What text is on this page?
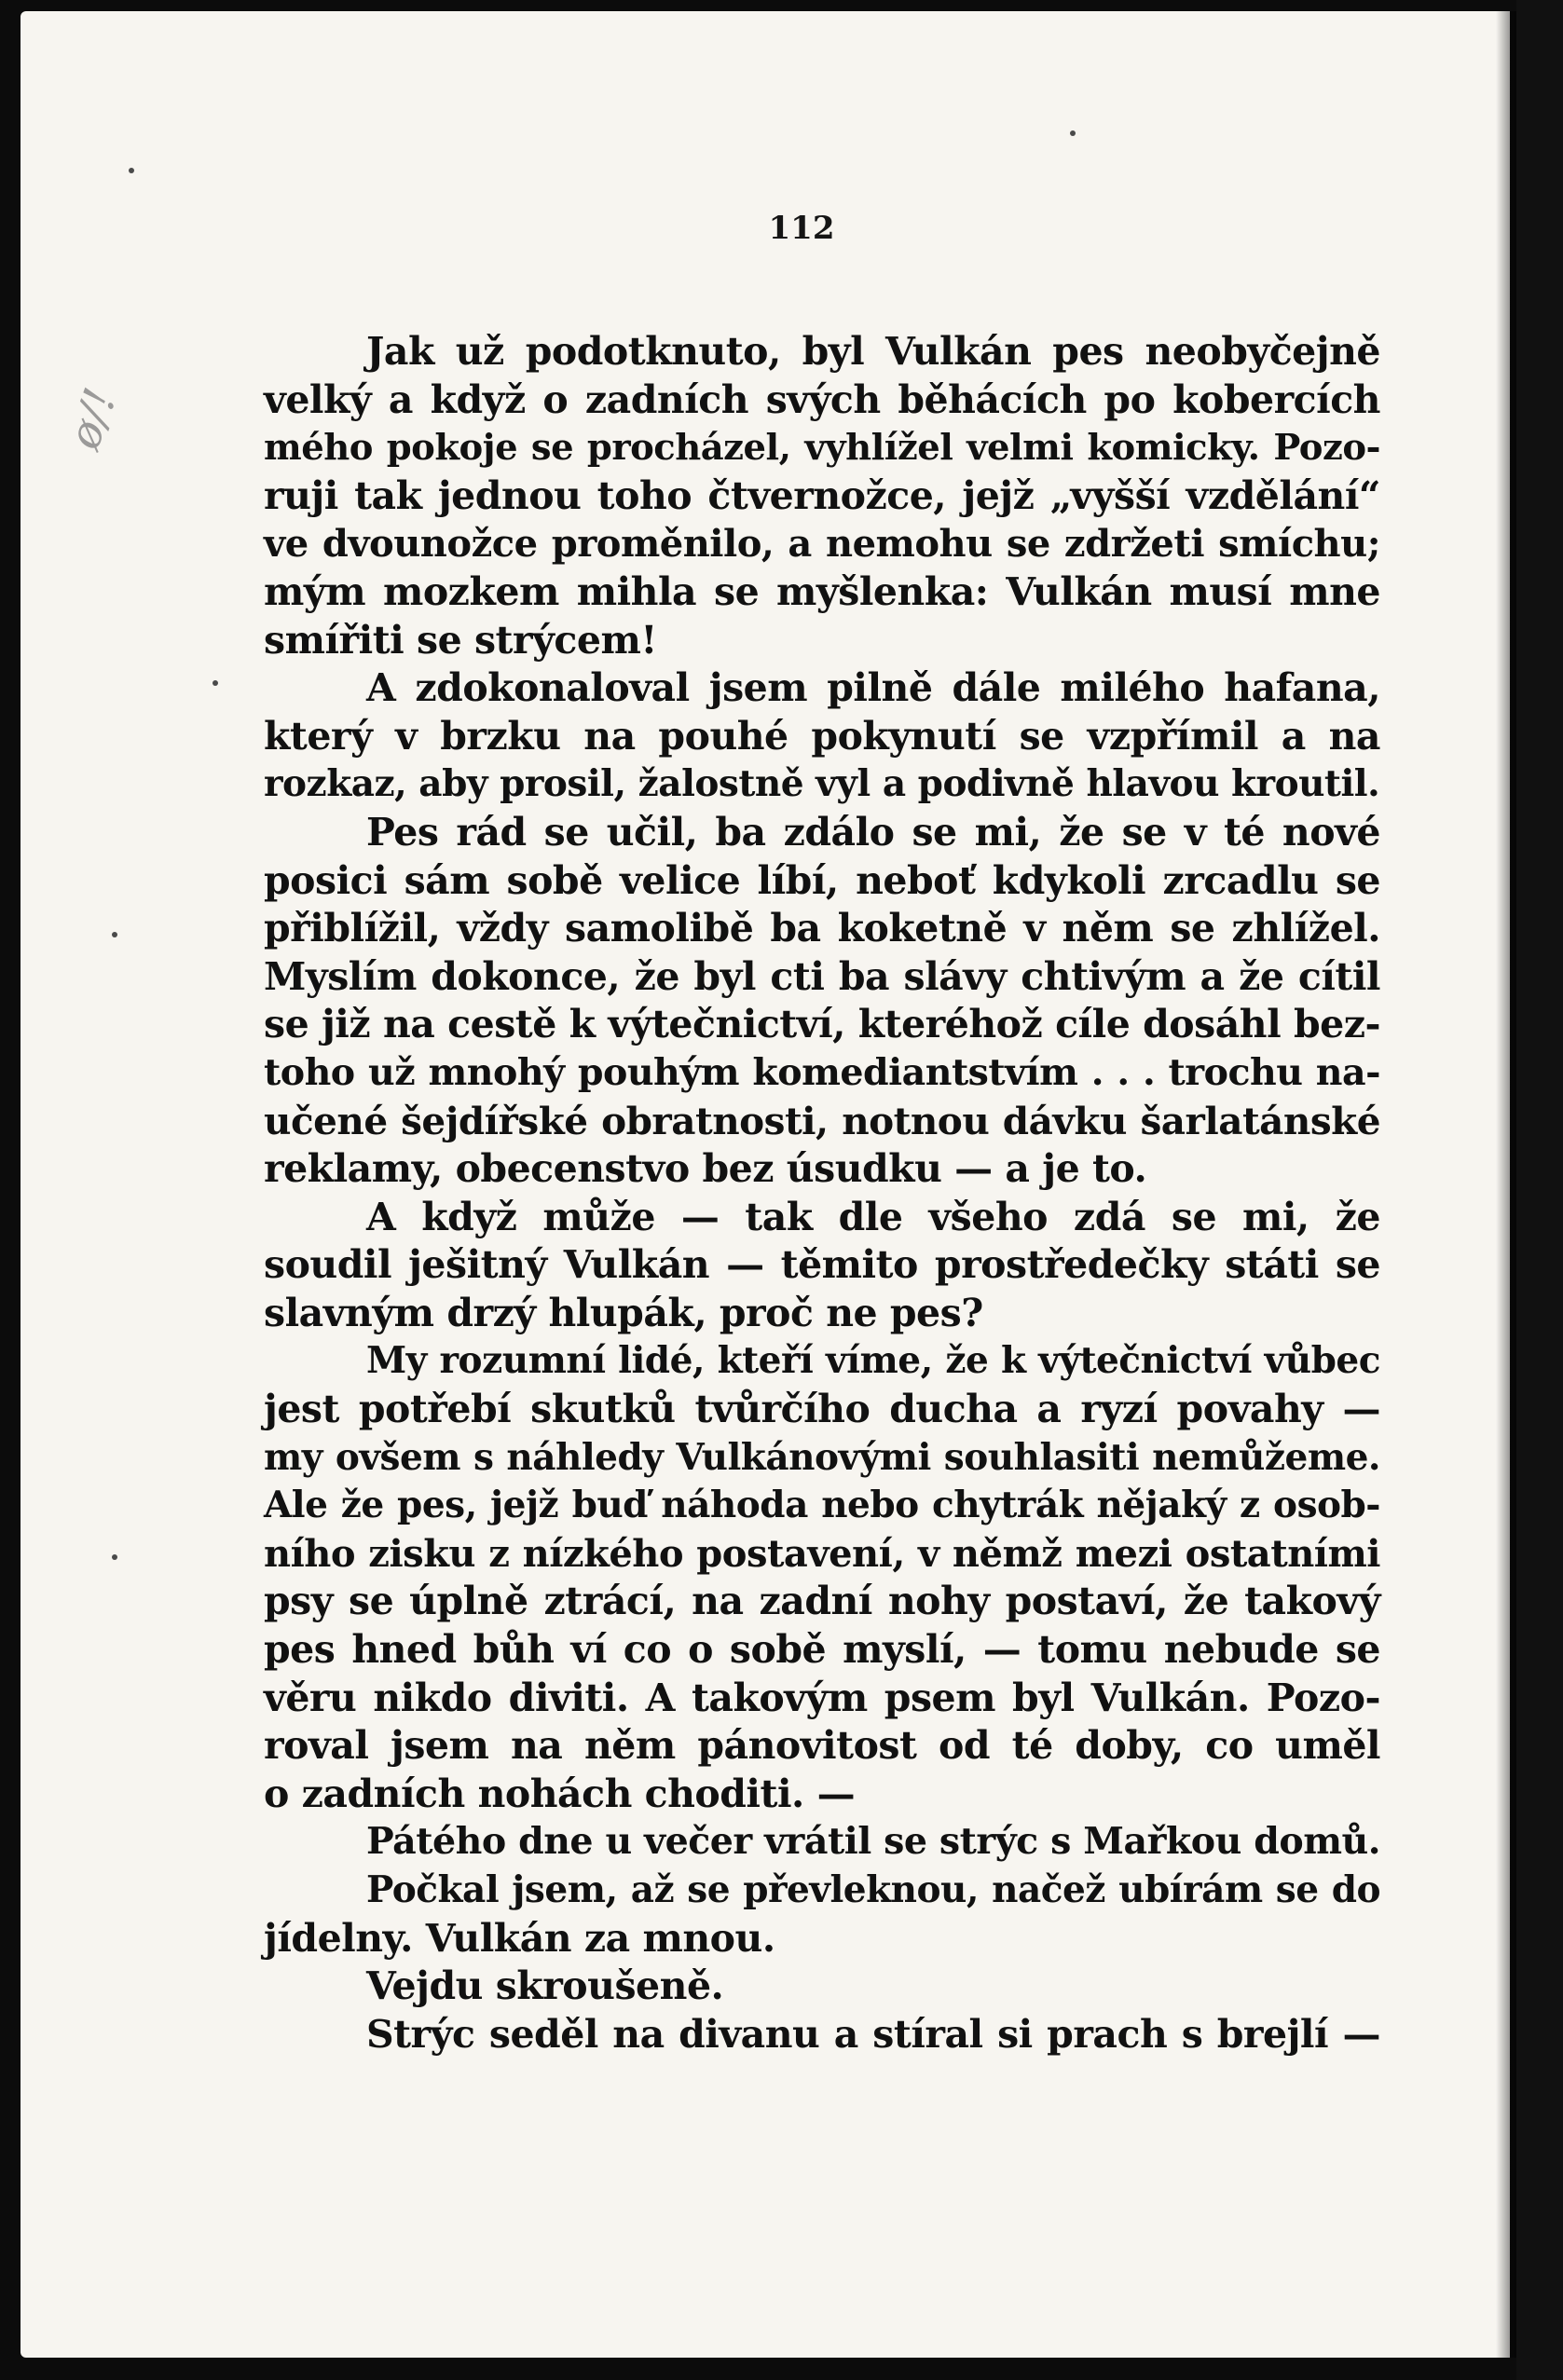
ø/!
112
Jak už podotknuto, byl Vulkán pes neobyčejně
velký a když o zadních svých běhácích po kobercích
mého pokoje se procházel, vyhlížel velmi komicky. Pozo-
ruji tak jednou toho čtvernožce, jejž „vyšší vzdělání“
ve dvounožce proměnilo, a nemohu se zdržeti smíchu;
mým mozkem mihla se myšlenka: Vulkán musí mne
smířiti se strýcem!
A zdokonaloval jsem pilně dále milého hafana,
který v brzku na pouhé pokynutí se vzpřímil a na
rozkaz, aby prosil, žalostně vyl a podivně hlavou kroutil.
Pes rád se učil, ba zdálo se mi, že se v té nové
posici sám sobě velice líbí, neboť kdykoli zrcadlu se
přiblížil, vždy samolibě ba koketně v něm se zhlížel.
Myslím dokonce, že byl cti ba slávy chtivým a že cítil
se již na cestě k výtečnictví, kteréhož cíle dosáhl bez-
toho už mnohý pouhým komediantstvím . . . trochu na-
učené šejdířské obratnosti, notnou dávku šarlatánské
reklamy, obecenstvo bez úsudku — a je to.
A když může — tak dle všeho zdá se mi, že
soudil ješitný Vulkán — těmito prostředečky státi se
slavným drzý hlupák, proč ne pes?
My rozumní lidé, kteří víme, že k výtečnictví vůbec
jest potřebí skutků tvůrčího ducha a ryzí povahy —
my ovšem s náhledy Vulkánovými souhlasiti nemůžeme.
Ale že pes, jejž buď náhoda nebo chytrák nějaký z osob-
ního zisku z nízkého postavení, v němž mezi ostatními
psy se úplně ztrácí, na zadní nohy postaví, že takový
pes hned bůh ví co o sobě myslí, — tomu nebude se
věru nikdo diviti. A takovým psem byl Vulkán. Pozo-
roval jsem na něm pánovitost od té doby, co uměl
o zadních nohách choditi. —
Pátého dne u večer vrátil se strýc s Mařkou domů.
Počkal jsem, až se převleknou, načež ubírám se do
jídelny. Vulkán za mnou.
Vejdu skroušeně.
Strýc seděl na divanu a stíral si prach s brejlí —
